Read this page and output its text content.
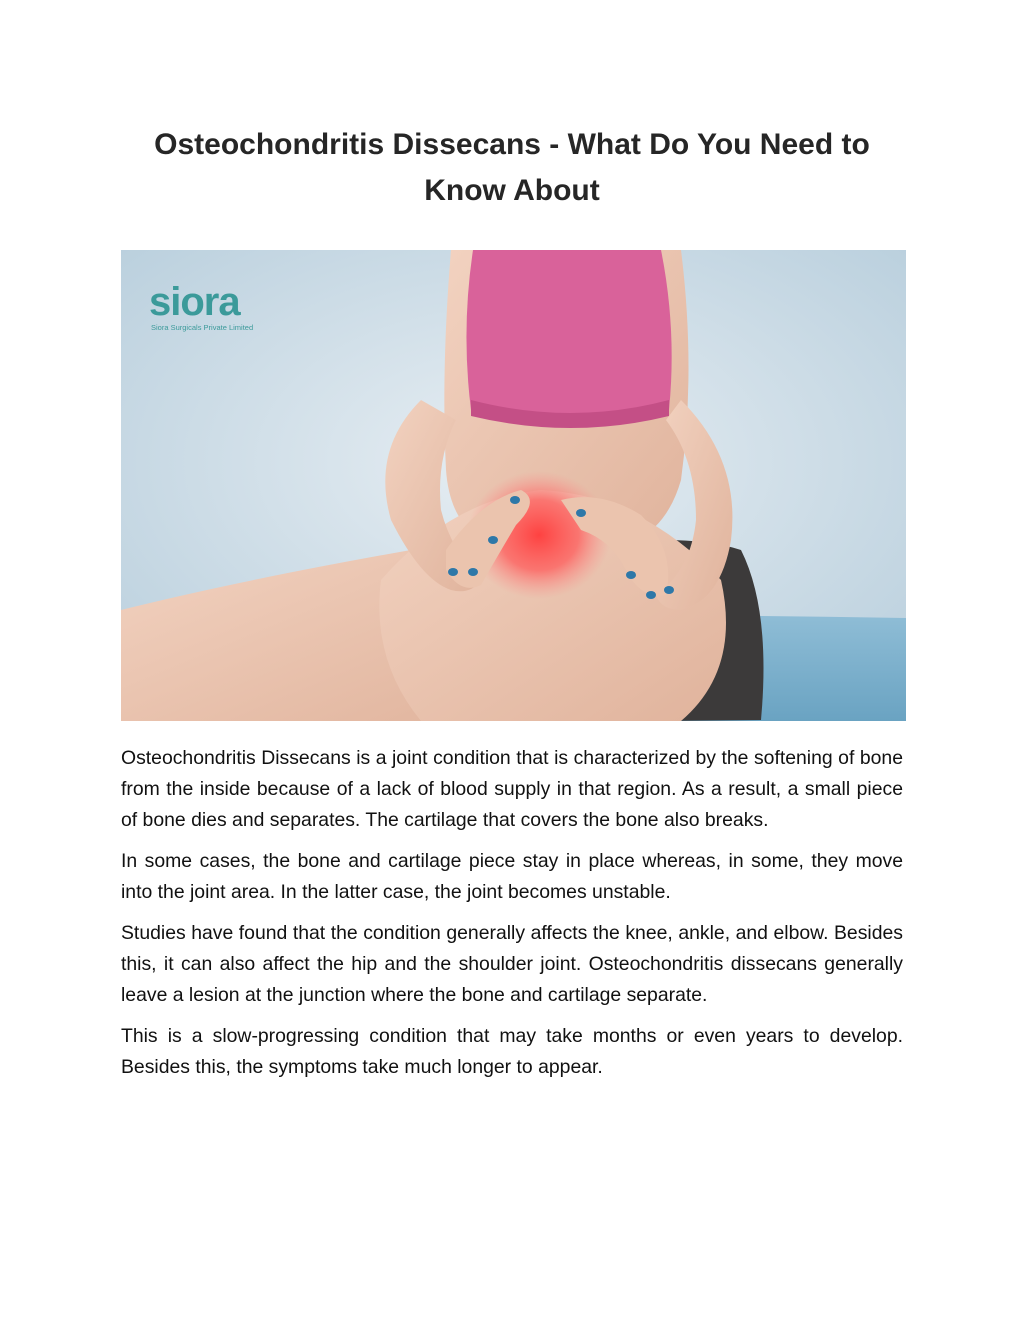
Osteochondritis Dissecans - What Do You Need to Know About
siora
Siora Surgicals Private Limited

Osteochondritis Dissecans is a joint condition that is characterized by the softening of bone from the inside because of a lack of blood supply in that region. As a result, a small piece of bone dies and separates. The cartilage that covers the bone also breaks.

In some cases, the bone and cartilage piece stay in place whereas, in some, they move into the joint area. In the latter case, the joint becomes unstable.

Studies have found that the condition generally affects the knee, ankle, and elbow. Besides this, it can also affect the hip and the shoulder joint. Osteochondritis dissecans generally leave a lesion at the junction where the bone and cartilage separate.

This is a slow-progressing condition that may take months or even years to develop. Besides this, the symptoms take much longer to appear.
